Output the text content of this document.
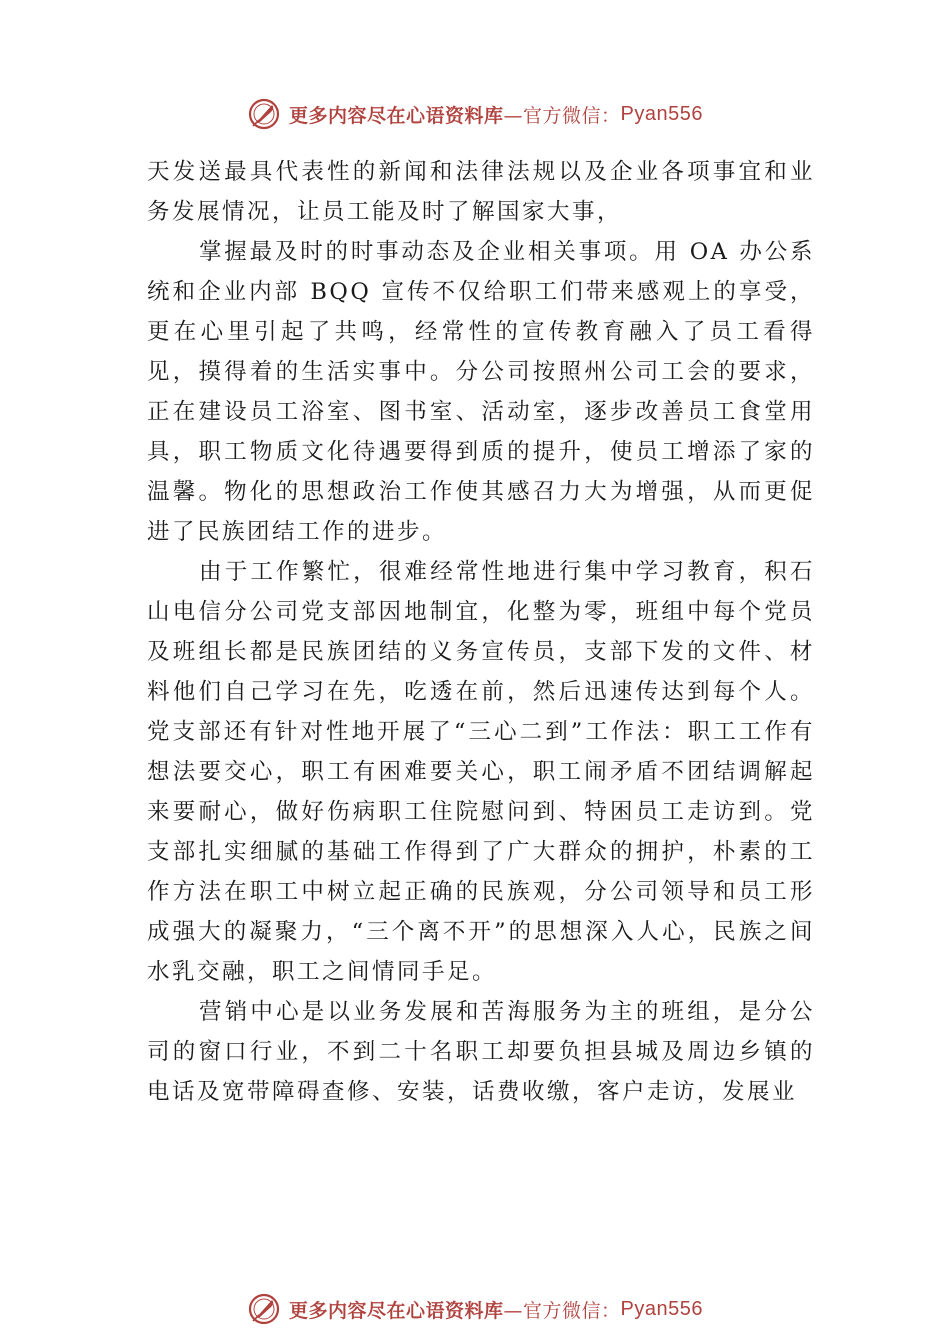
更多内容尽在心语资料库 —官方微信： Pyan556

天发送最具代表性的新闻和法律法规以及企业各项事宜和业务发展情况，让员工能及时了解国家大事，

掌握最及时的时事动态及企业相关事项。用 OA 办公系统和企业内部 BQQ 宣传不仅给职工们带来感观上的享受，更在心里引起了共鸣，经常性的宣传教育融入了员工看得见，摸得着的生活实事中。分公司按照州公司工会的要求，正在建设员工浴室、图书室、活动室，逐步改善员工食堂用具，职工物质文化待遇要得到质的提升，使员工增添了家的温馨。物化的思想政治工作使其感召力大为增强，从而更促进了民族团结工作的进步。

由于工作繁忙，很难经常性地进行集中学习教育，积石山电信分公司党支部因地制宜，化整为零，班组中每个党员及班组长都是民族团结的义务宣传员，支部下发的文件、材料他们自己学习在先，吃透在前，然后迅速传达到每个人。党支部还有针对性地开展了“三心二到”工作法：职工工作有想法要交心，职工有困难要关心，职工闹矛盾不团结调解起来要耐心，做好伤病职工住院慰问到、特困员工走访到。党支部扎实细腻的基础工作得到了广大群众的拥护，朴素的工作方法在职工中树立起正确的民族观，分公司领导和员工形成强大的凝聚力，“三个离不开”的思想深入人心，民族之间水乳交融，职工之间情同手足。

营销中心是以业务发展和苦海服务为主的班组，是分公司的窗口行业，不到二十名职工却要负担县城及周边乡镇的电话及宽带障碍查修、安装，话费收缴，客户走访，发展业

更多内容尽在心语资料库 —官方微信： Pyan556
